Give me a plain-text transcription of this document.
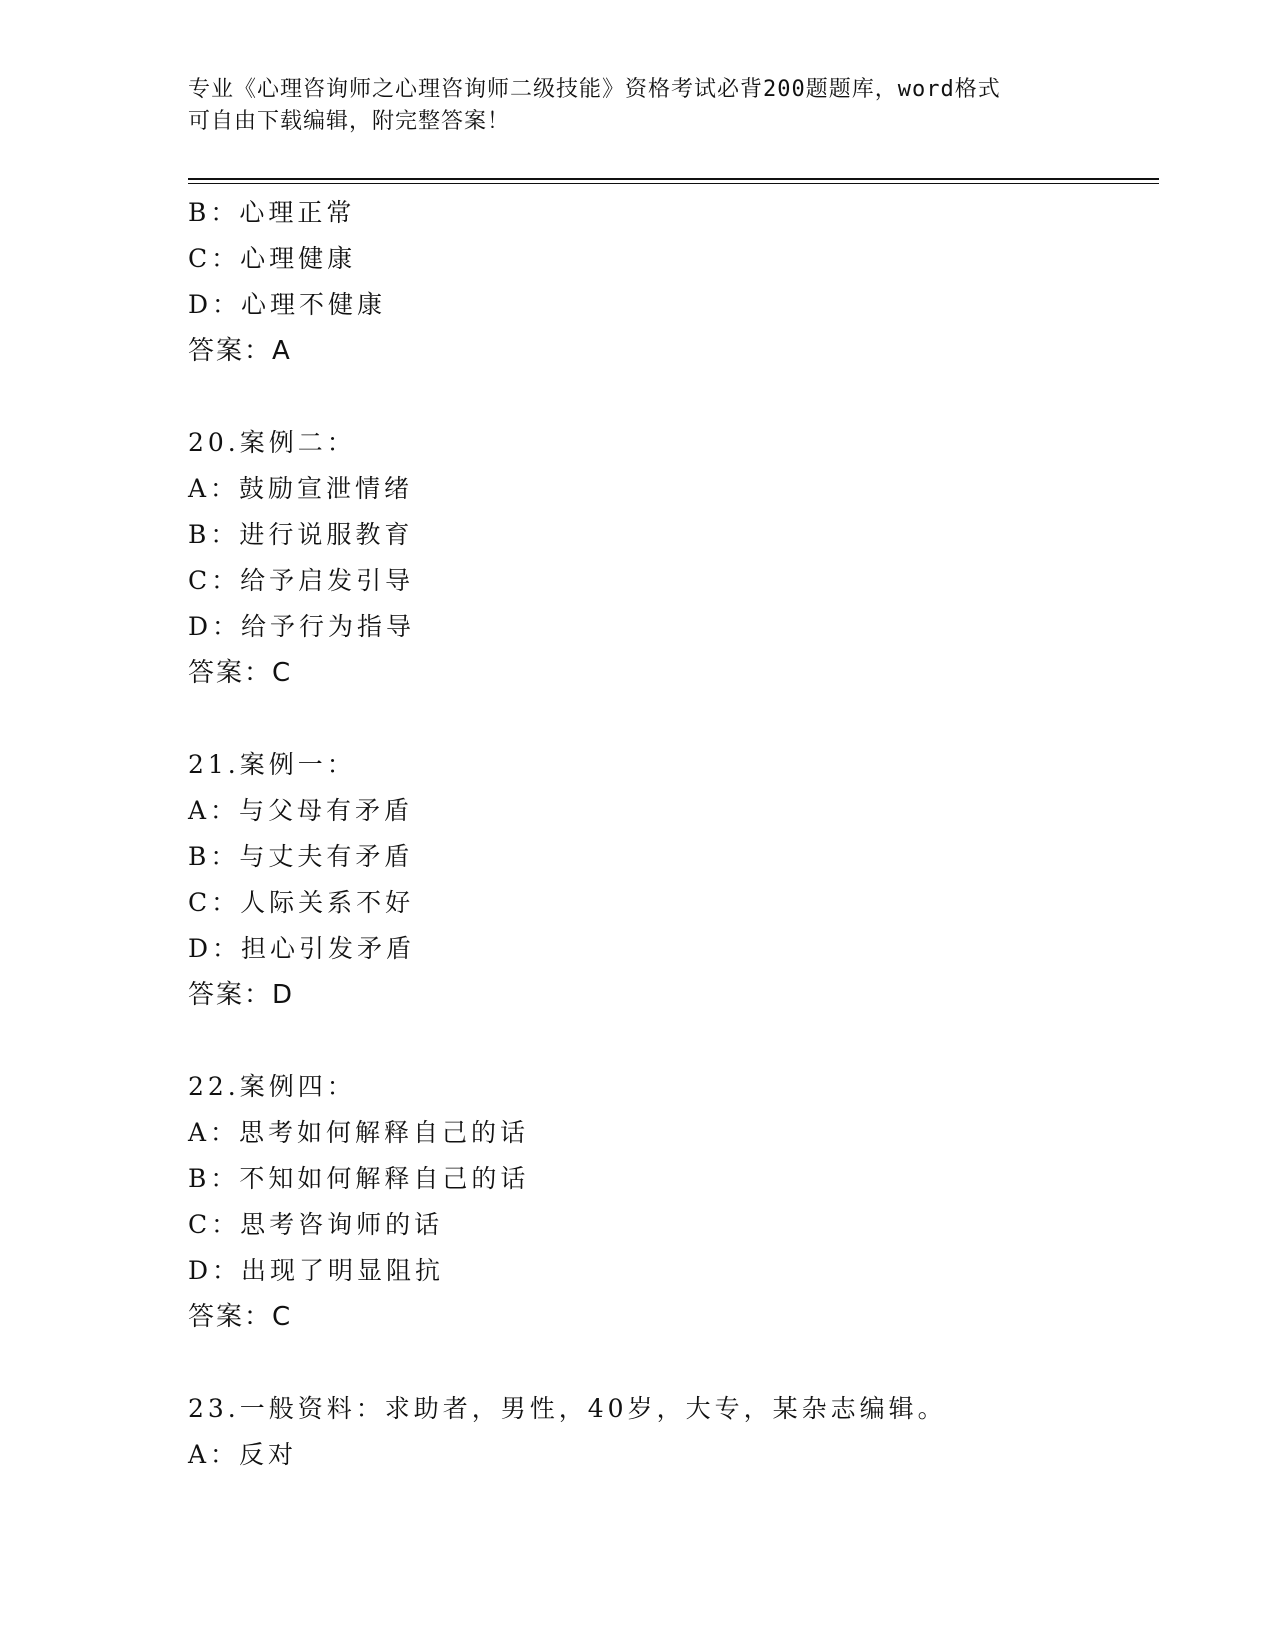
专业《心理咨询师之心理咨询师二级技能》资格考试必背200题题库，word格式
可自由下载编辑，附完整答案！
B：心理正常
C：心理健康
D：心理不健康
答案：A
20.案例二：
A：鼓励宣泄情绪
B：进行说服教育
C：给予启发引导
D：给予行为指导
答案：C
21.案例一：
A：与父母有矛盾
B：与丈夫有矛盾
C：人际关系不好
D：担心引发矛盾
答案：D
22.案例四：
A：思考如何解释自己的话
B：不知如何解释自己的话
C：思考咨询师的话
D：出现了明显阻抗
答案：C
23.一般资料：求助者，男性，40岁，大专，某杂志编辑。
A：反对
